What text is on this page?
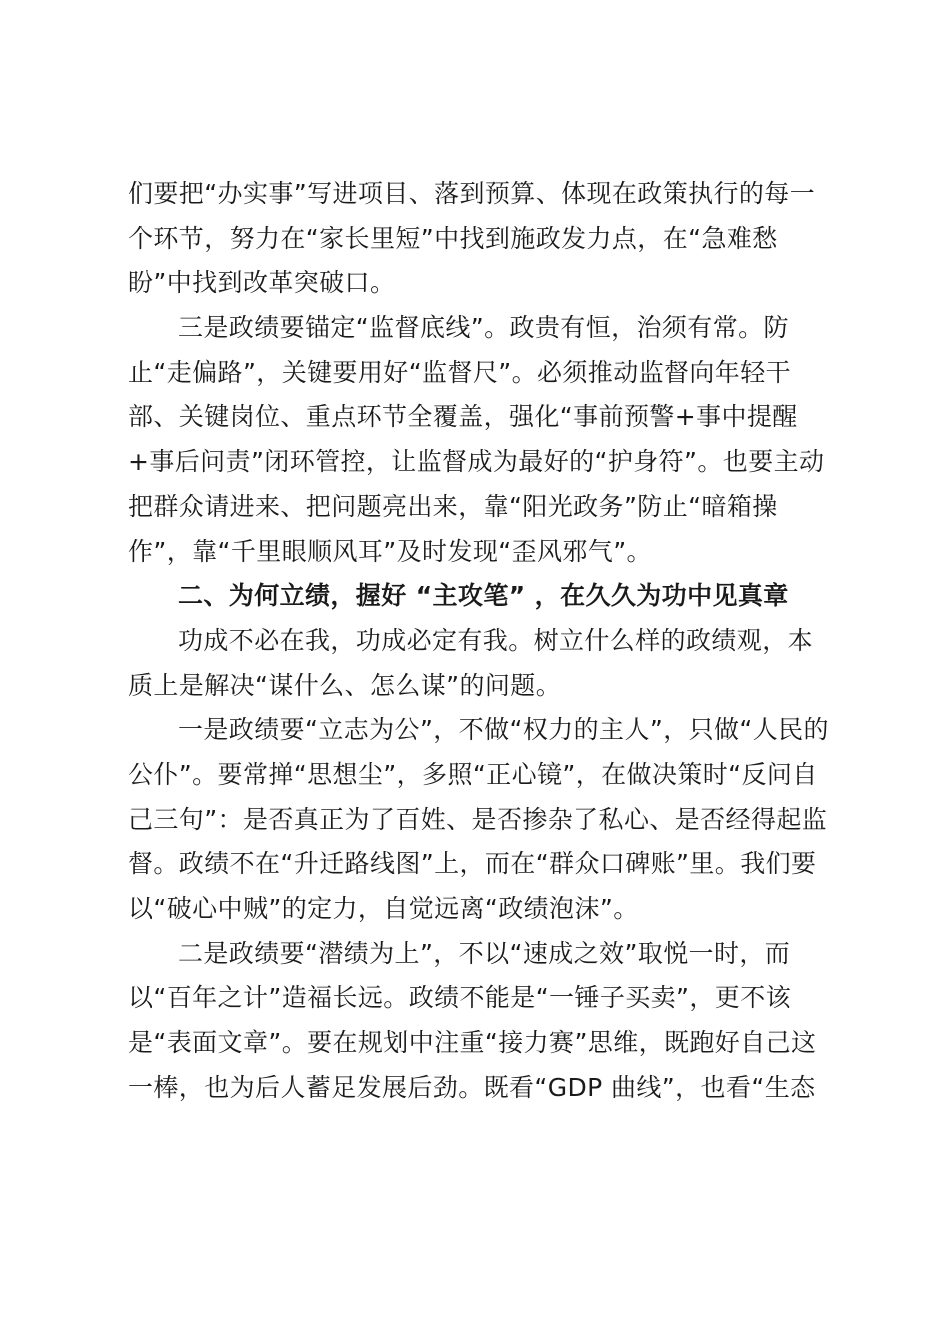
们要把“办实事”写进项目、落到预算、体现在政策执行的每一
个环节，努力在“家长里短”中找到施政发力点，在“急难愁
盼”中找到改革突破口。
三是政绩要锚定“监督底线”。政贵有恒，治须有常。防
止“走偏路”，关键要用好“监督尺”。必须推动监督向年轻干
部、关键岗位、重点环节全覆盖，强化“事前预警+事中提醒
+事后问责”闭环管控，让监督成为最好的“护身符”。也要主动
把群众请进来、把问题亮出来，靠“阳光政务”防止“暗箱操
作”，靠“千里眼顺风耳”及时发现“歪风邪气”。
二、为何立绩，握好 “主攻笔” ，在久久为功中见真章
功成不必在我，功成必定有我。树立什么样的政绩观，本
质上是解决“谋什么、怎么谋”的问题。
一是政绩要“立志为公”，不做“权力的主人”，只做“人民的
公仆”。要常掸“思想尘”，多照“正心镜”，在做决策时“反问自
己三句”：是否真正为了百姓、是否掺杂了私心、是否经得起监
督。政绩不在“升迁路线图”上，而在“群众口碑账”里。我们要
以“破心中贼”的定力，自觉远离“政绩泡沫”。
二是政绩要“潜绩为上”，不以“速成之效”取悦一时，而
以“百年之计”造福长远。政绩不能是“一锤子买卖”，更不该
是“表面文章”。要在规划中注重“接力赛”思维，既跑好自己这
一棒，也为后人蓄足发展后劲。既看“GDP 曲线”，也看“生态
